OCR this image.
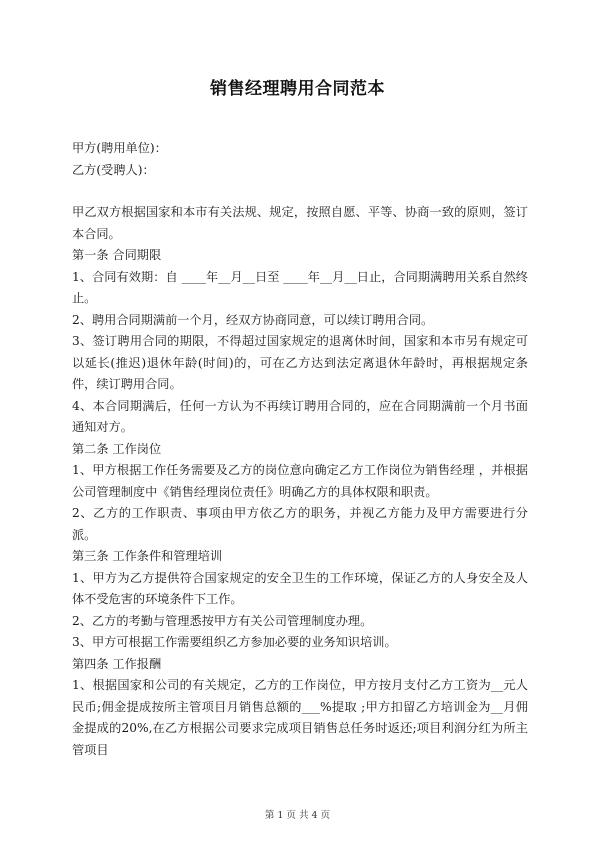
销售经理聘用合同范本

甲方(聘用单位)：

乙方(受聘人)：

甲乙双方根据国家和本市有关法规、规定，按照自愿、平等、协商一致的原则，签订本合同。

第一条 合同期限

1、合同有效期：自 ____年__月__日至 ____年__月__日止，合同期满聘用关系自然终止。

2、聘用合同期满前一个月，经双方协商同意，可以续订聘用合同。

3、签订聘用合同的期限，不得超过国家规定的退离休时间，国家和本市另有规定可以延长(推迟)退休年龄(时间)的，可在乙方达到法定离退休年龄时，再根据规定条件，续订聘用合同。

4、本合同期满后，任何一方认为不再续订聘用合同的，应在合同期满前一个月书面通知对方。

第二条 工作岗位

1、甲方根据工作任务需要及乙方的岗位意向确定乙方工作岗位为销售经理 ，并根据公司管理制度中《销售经理岗位责任》明确乙方的具体权限和职责。

2、乙方的工作职责、事项由甲方依乙方的职务，并视乙方能力及甲方需要进行分派。

第三条 工作条件和管理培训

1、甲方为乙方提供符合国家规定的安全卫生的工作环境，保证乙方的人身安全及人体不受危害的环境条件下工作。

2、乙方的考勤与管理悉按甲方有关公司管理制度办理。

3、甲方可根据工作需要组织乙方参加必要的业务知识培训。

第四条 工作报酬

1、根据国家和公司的有关规定，乙方的工作岗位，甲方按月支付乙方工资为__元人民币;佣金提成按所主管项目月销售总额的___%提取 ;甲方扣留乙方培训金为__月佣金提成的20%,在乙方根据公司要求完成项目销售总任务时返还;项目利润分红为所主管项目

第 1 页 共 4 页
